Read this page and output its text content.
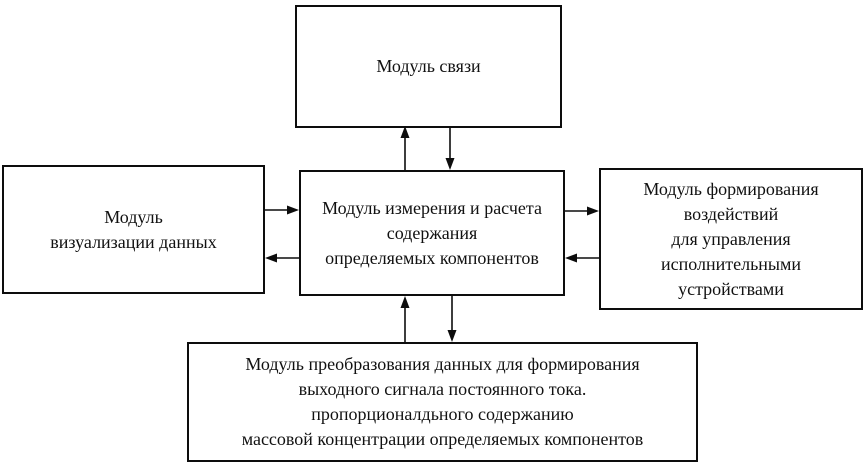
Модуль связи
Модуль
визуализации данных
Модуль измерения и расчета
содержания
определяемых компонентов
Модуль формирования
воздействий
для управления
исполнительными
устройствами
Модуль преобразования данных для формирования
выходного сигнала постоянного тока.
пропорционалдьного содержанию
массовой концентрации определяемых компонентов
